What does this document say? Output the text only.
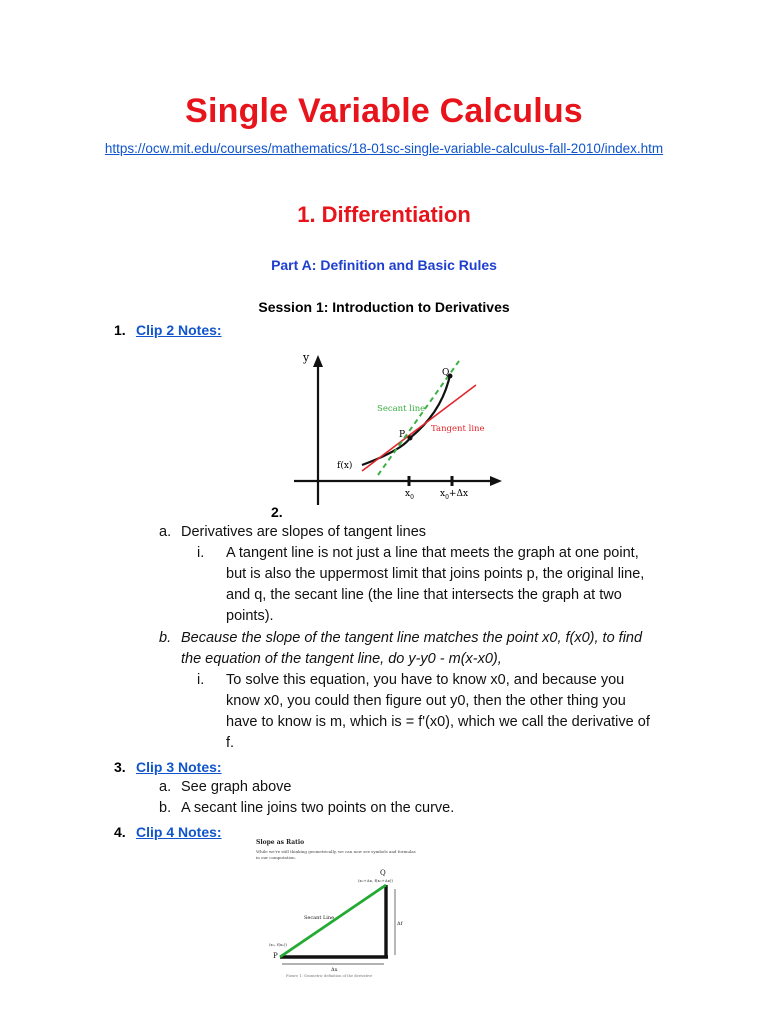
Single Variable Calculus
https://ocw.mit.edu/courses/mathematics/18-01sc-single-variable-calculus-fall-2010/index.htm
1. Differentiation
Part A: Definition and Basic Rules
Session 1: Introduction to Derivatives
1. Clip 2 Notes:
y
$x_0$	$x_0+\Delta x$
Q
P
Secant line
Tangent line
f(x)
2.
a. Derivatives are slopes of tangent lines
i. A tangent line is not just a line that meets the graph at one point,
but is also the uppermost limit that joins points p, the original line,
and q, the secant line (the line that intersects the graph at two
points).
b. Because the slope of the tangent line matches the point x0, f(x0), to find
the equation of the tangent line, do y-y0 - m(x-x0),
i. To solve this equation, you have to know x0, and because you
know x0, you could then figure out y0, then the other thing you
have to know is m, which is = f'(x0), which we call the derivative of
f.
3. Clip 3 Notes:
a. See graph above
b. A secant line joins two points on the curve.
4. Clip 4 Notes:
Slope as Ratio
While we're still thinking geometrically, we can now see symbols and formulas
in our computation.
Q
(x₀+Δx, f(x₀+Δx))
Δf
Δx
Secant Line
(x₀, f(x₀))
P
Figure 1: Geometric definition of the derivative
